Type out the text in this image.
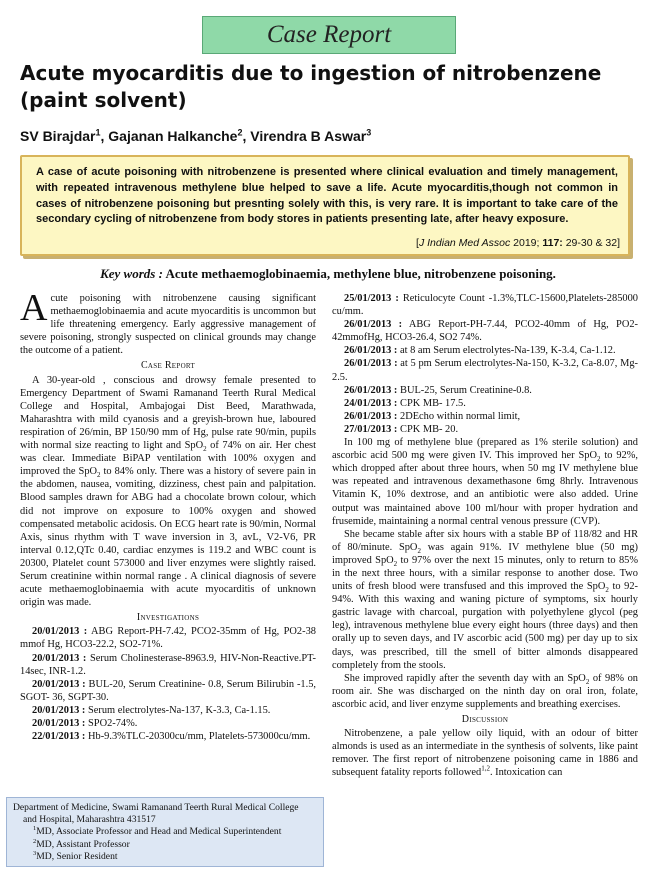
Case Report
Acute myocarditis due to ingestion of nitrobenzene (paint solvent)
SV Birajdar$^1$, Gajanan Halkanche$^2$, Virendra B Aswar$^3$

A case of acute poisoning with nitrobenzene is presented where clinical evaluation and timely management, with repeated intravenous methylene blue helped to save a life. Acute myocarditis,though not common in cases of nitrobenzene poisoning but presnting solely with this, is very rare. It is important to take care of the secondary cycling of nitrobenzene from body stores in patients presenting late, after heavy exposure.

[J Indian Med Assoc 2019; 117: 29-30 & 32]
Key words : Acute methaemoglobinaemia, methylene blue, nitrobenzene poisoning.

Acute poisoning with nitrobenzene causing significant methaemoglobinaemia and acute myocarditis is uncommon but life threatening emergency. Early aggressive management of severe poisoning, strongly suspected on clinical grounds may change the outcome of a patient.

Case Report

A 30-year-old , conscious and drowsy female presented to Emergency Department of Swami Ramanand Teerth Rural Medical College and Hospital, Ambajogai Dist Beed, Marathwada, Maharashtra with mild cyanosis and a greyish-brown hue, laboured respiration of 26/min, BP 150/90 mm of Hg, pulse rate 90/min, pupils with normal size reacting to light and SpO$_2$ of 74% on air. Her chest was clear. Immediate BiPAP ventilation with 100% oxygen and improved the SpO$_2$ to 84% only. There was a history of severe pain in the abdomen, nausea, vomiting, dizziness, chest pain and palpitation. Blood samples drawn for ABG had a chocolate brown colour, which did not improve on exposure to 100% oxygen and showed compensated metabolic acidosis. On ECG heart rate is 90/min, Normal Axis, sinus rhythm with T wave inversion in 3, avL, V2-V6, PR interval 0.12,QTc 0.40, cardiac enzymes is 119.2 and WBC count is 20300, Platelet count 573000 and liver enzymes were slightly raised. Serum creatinine within normal range . A clinical diagnosis of severe acute methaemoglobinaemia with acute myocarditis of unknown origin was made.

Investigations

20/01/2013 : ABG Report-PH-7.42, PCO2-35mm of Hg, PO2-38 mmof Hg, HCO3-22.2, SO2-71%.

20/01/2013 : Serum Cholinesterase-8963.9, HIV-Non-Reactive.PT-14sec, INR-1.2.

20/01/2013 : BUL-20, Serum Creatinine- 0.8, Serum Bilirubin -1.5, SGOT- 36, SGPT-30.

20/01/2013 : Serum electrolytes-Na-137, K-3.3, Ca-1.15.

20/01/2013 : SPO2-74%.

22/01/2013 : Hb-9.3%TLC-20300cu/mm, Platelets-573000cu/mm.

25/01/2013 : Reticulocyte Count -1.3%,TLC-15600,Platelets-285000 cu/mm.

26/01/2013 : ABG Report-PH-7.44, PCO2-40mm of Hg, PO2-42mmofHg, HCO3-26.4, SO2 74%.

26/01/2013 : at 8 am Serum electrolytes-Na-139, K-3.4, Ca-1.12.

26/01/2013 : at 5 pm Serum electrolytes-Na-150, K-3.2, Ca-8.07, Mg-2.5.

26/01/2013 : BUL-25, Serum Creatinine-0.8.

24/01/2013 : CPK MB- 17.5.

26/01/2013 : 2DEcho within normal limit,

27/01/2013 : CPK MB- 20.

In 100 mg of methylene blue (prepared as 1% sterile solution) and ascorbic acid 500 mg were given IV. This improved her SpO$_2$ to 92%, which dropped after about three hours, when 50 mg IV methylene blue was repeated and intravenous dexamethasone 6mg 8hrly. Intravenous Vitamin K, 10% dextrose, and an antibiotic were also added. Urine output was maintained above 100 ml/hour with proper hydration and frusemide, maintaining a normal central venous pressure (CVP).

She became stable after six hours with a stable BP of 118/82 and HR of 80/minute. SpO$_2$ was again 91%. IV methylene blue (50 mg) improved SpO$_2$ to 97% over the next 15 minutes, only to return to 85% in the next three hours, with a similar response to another dose. Two units of fresh blood were transfused and this improved the SpO$_2$ to 92-94%. With this waxing and waning picture of symptoms, six hourly gastric lavage with charcoal, purgation with polyethylene glycol (peg leg), intravenous methylene blue every eight hours (three days) and then orally up to seven days, and IV ascorbic acid (500 mg) per day up to six days, was prescribed, till the smell of bitter almonds disappeared completely from the stools.

She improved rapidly after the seventh day with an SpO$_2$ of 98% on room air. She was discharged on the ninth day on oral iron, folate, ascorbic acid, and liver enzyme supplements and breathing exercises.

Discussion

Nitrobenzene, a pale yellow oily liquid, with an odour of bitter almonds is used as an intermediate in the synthesis of solvents, like paint remover. The first report of nitrobenzene poisoning came in 1886 and subsequent fatality reports followed$^{1,2}$. Intoxication can

Department of Medicine, Swami Ramanand Teerth Rural Medical College
and Hospital, Maharashtra 431517
$^1$MD, Associate Professor and Head and Medical Superintendent
$^2$MD, Assistant Professor
$^3$MD, Senior Resident
